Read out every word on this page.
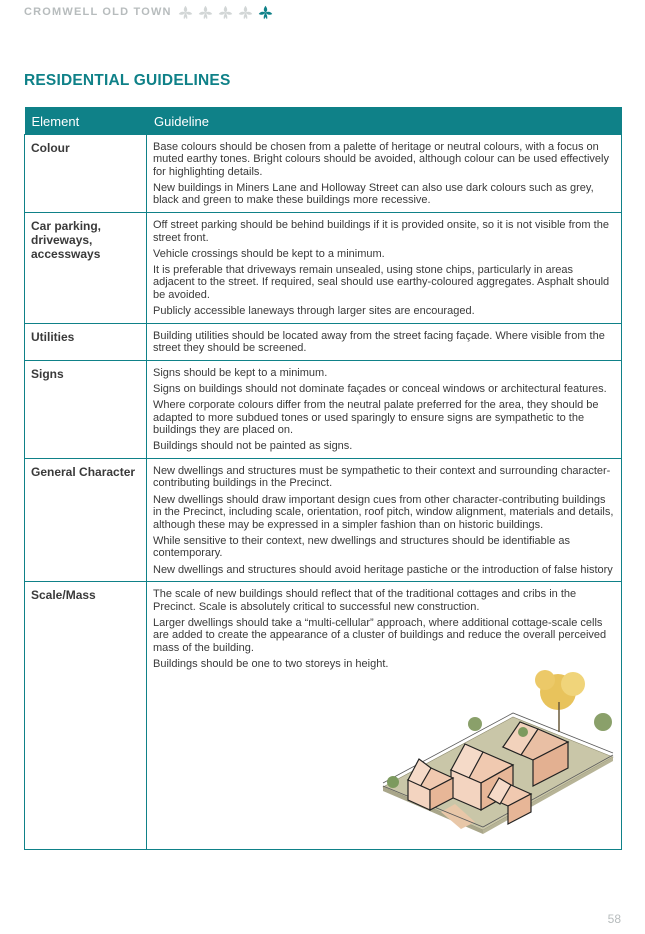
CROMWELL OLD TOWN
RESIDENTIAL GUIDELINES
Element	Guideline
Colour	Base colours should be chosen from a palette of heritage or neutral colours, with a focus on muted earthy tones. Bright colours should be avoided, although colour can be used effectively for highlighting details.

New buildings in Miners Lane and Holloway Street can also use dark colours such as grey, black and green to make these buildings more recessive.

Car parking, driveways, accessways	Off street parking should be behind buildings if it is provided onsite, so it is not visible from the street front.

Vehicle crossings should be kept to a minimum.

It is preferable that driveways remain unsealed, using stone chips, particularly in areas adjacent to the street. If required, seal should use earthy-coloured aggregates. Asphalt should be avoided.

Publicly accessible laneways through larger sites are encouraged.

Utilities	Building utilities should be located away from the street facing façade. Where visible from the street they should be screened.

Signs	Signs should be kept to a minimum.

Signs on buildings should not dominate façades or conceal windows or architectural features.

Where corporate colours differ from the neutral palate preferred for the area, they should be adapted to more subdued tones or used sparingly to ensure signs are sympathetic to the buildings they are placed on.

Buildings should not be painted as signs.

General Character	New dwellings and structures must be sympathetic to their context and surrounding character-contributing buildings in the Precinct.

New dwellings should draw important design cues from other character-contributing buildings in the Precinct, including scale, orientation, roof pitch, window alignment, materials and details, although these may be expressed in a simpler fashion than on historic buildings.

While sensitive to their context, new dwellings and structures should be identifiable as contemporary.

New dwellings and structures should avoid heritage pastiche or the introduction of false history

Scale/Mass	The scale of new buildings should reflect that of the traditional cottages and cribs in the Precinct. Scale is absolutely critical to successful new construction.

Larger dwellings should take a “multi-cellular” approach, where additional cottage-scale cells are added to create the appearance of a cluster of buildings and reduce the overall perceived mass of the building.

Buildings should be one to two storeys in height.

58
